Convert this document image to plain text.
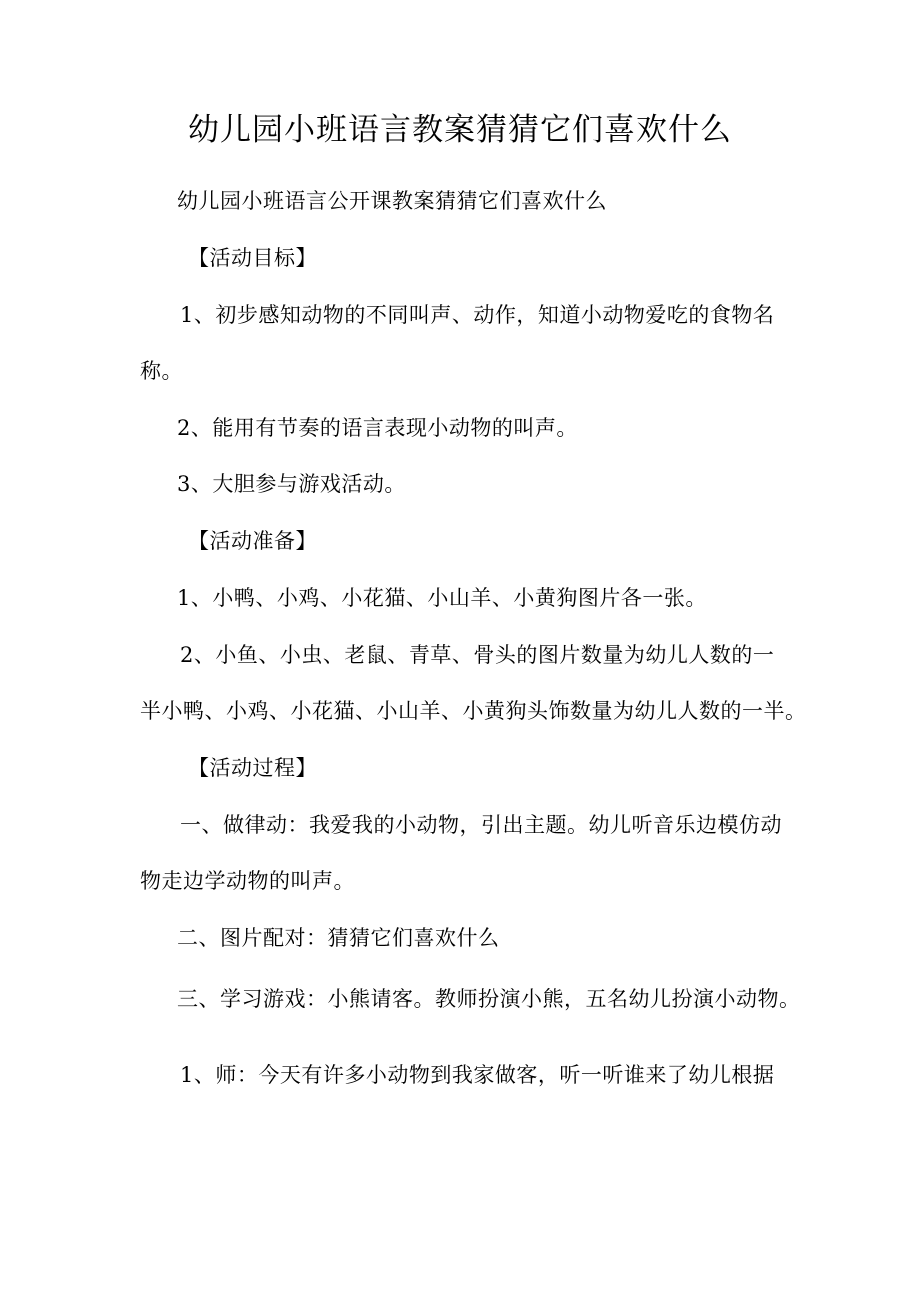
幼儿园小班语言教案猜猜它们喜欢什么
幼儿园小班语言公开课教案猜猜它们喜欢什么
【活动目标】
1、初步感知动物的不同叫声、动作，知道小动物爱吃的食物名
称。
2、能用有节奏的语言表现小动物的叫声。
3、大胆参与游戏活动。
【活动准备】
1、小鸭、小鸡、小花猫、小山羊、小黄狗图片各一张。
2、小鱼、小虫、老鼠、青草、骨头的图片数量为幼儿人数的一
半小鸭、小鸡、小花猫、小山羊、小黄狗头饰数量为幼儿人数的一半。
【活动过程】
一、做律动：我爱我的小动物，引出主题。幼儿听音乐边模仿动
物走边学动物的叫声。
二、图片配对：猜猜它们喜欢什么
三、学习游戏：小熊请客。教师扮演小熊，五名幼儿扮演小动物。
1、师：今天有许多小动物到我家做客，听一听谁来了幼儿根据
